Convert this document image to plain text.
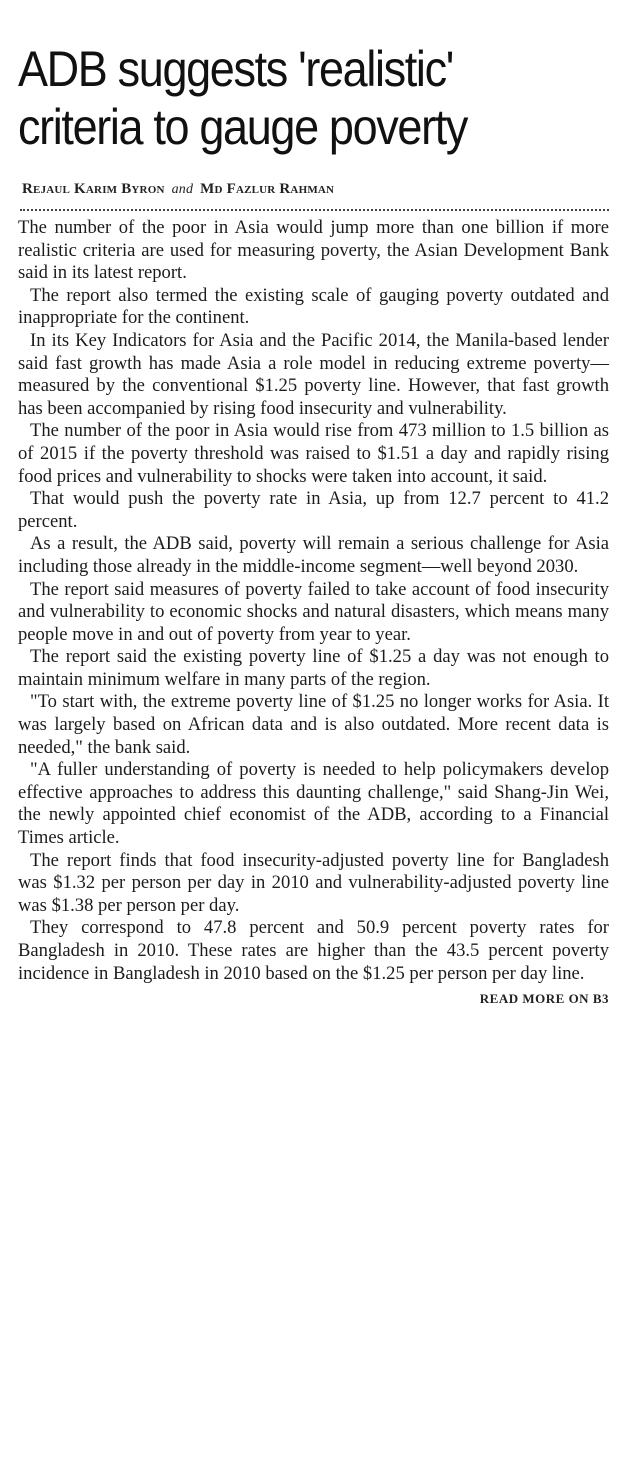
ADB suggests 'realistic'
criteria to gauge poverty
Rejaul Karim Byron and Md Fazlur Rahman

The number of the poor in Asia would jump more than one billion if more realistic criteria are used for measuring poverty, the Asian Development Bank said in its latest report.

The report also termed the existing scale of gauging poverty outdated and inappropriate for the continent.

In its Key Indicators for Asia and the Pacific 2014, the Manila-based lender said fast growth has made Asia a role model in reducing extreme poverty—measured by the conventional $1.25 poverty line. However, that fast growth has been accompanied by rising food insecurity and vulnerability.

The number of the poor in Asia would rise from 473 million to 1.5 billion as of 2015 if the poverty threshold was raised to $1.51 a day and rapidly rising food prices and vulnerability to shocks were taken into account, it said.

That would push the poverty rate in Asia, up from 12.7 percent to 41.2 percent.

As a result, the ADB said, poverty will remain a serious challenge for Asia including those already in the middle-income segment—well beyond 2030.

The report said measures of poverty failed to take account of food insecurity and vulnerability to economic shocks and natural disasters, which means many people move in and out of poverty from year to year.

The report said the existing poverty line of $1.25 a day was not enough to maintain minimum welfare in many parts of the region.

"To start with, the extreme poverty line of $1.25 no longer works for Asia. It was largely based on African data and is also outdated. More recent data is needed," the bank said.

"A fuller understanding of poverty is needed to help policymakers develop effective approaches to address this daunting challenge," said Shang-Jin Wei, the newly appointed chief economist of the ADB, according to a Financial Times article.

The report finds that food insecurity-adjusted poverty line for Bangladesh was $1.32 per person per day in 2010 and vulnerability-adjusted poverty line was $1.38 per person per day.

They correspond to 47.8 percent and 50.9 percent poverty rates for Bangladesh in 2010. These rates are higher than the 43.5 percent poverty incidence in Bangladesh in 2010 based on the $1.25 per person per day line.

READ MORE ON B3
